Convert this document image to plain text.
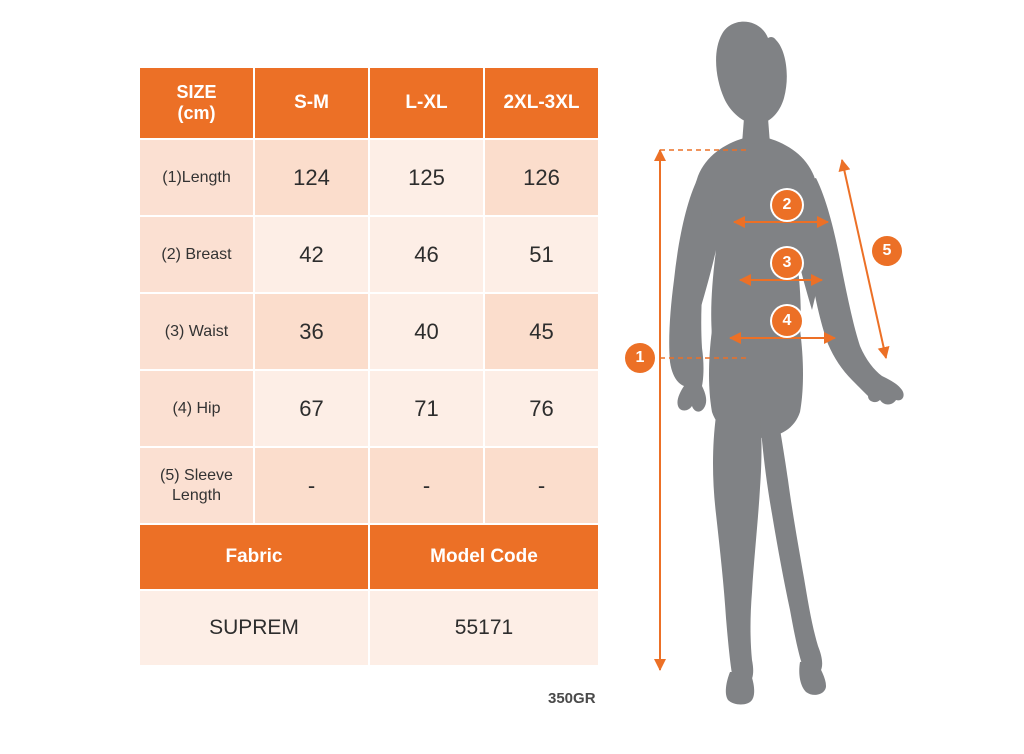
SIZE
(cm)	S-M	L-XL	2XL-3XL
(1)Length	124	125	126
(2) Breast	42	46	51
(3) Waist	36	40	45
(4) Hip	67	71	76
(5) Sleeve Length	-	-	-
Fabric		Model Code	
SUPREM		55171	
350GR
1
2
3
4
5
